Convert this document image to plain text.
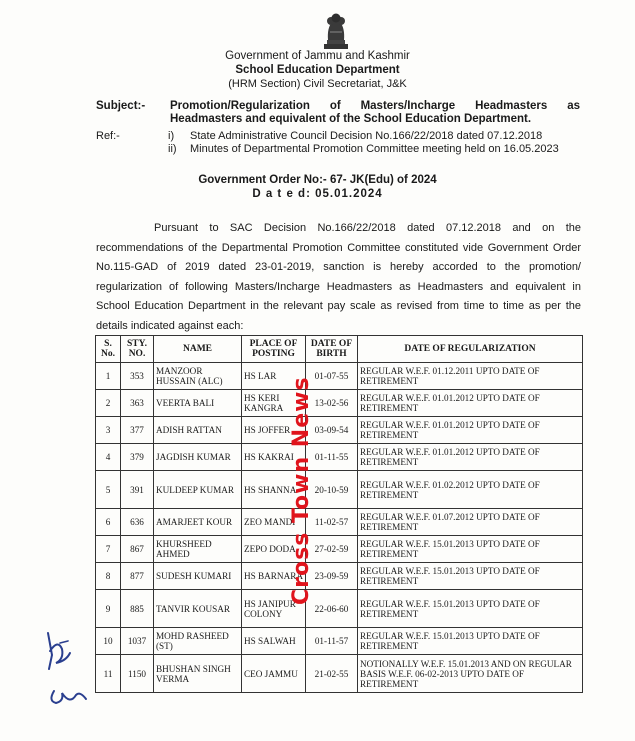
Government of Jammu and Kashmir
School Education Department
(HRM Section) Civil Secretariat, J&K
Subject:- Promotion/Regularization of Masters/Incharge Headmasters as Headmasters and equivalent of the School Education Department.
Ref:-	i) State Administrative Council Decision No.166/22/2018 dated 07.12.2018
ii) Minutes of Departmental Promotion Committee meeting held on 16.05.2023
Government Order No:- 67- JK(Edu) of 2024
D a t e d: 05.01.2024
Pursuant to SAC Decision No.166/22/2018 dated 07.12.2018 and on the recommendations of the Departmental Promotion Committee constituted vide Government Order No.115-GAD of 2019 dated 23-01-2019, sanction is hereby accorded to the promotion/ regularization of following Masters/Incharge Headmasters as Headmasters and equivalent in School Education Department in the relevant pay scale as revised from time to time as per the details indicated against each:
S. No.	STY. NO.	NAME	PLACE OF POSTING	DATE OF BIRTH	DATE OF REGULARIZATION
1	353	MANZOOR HUSSAIN (ALC)	HS LAR	01-07-55	REGULAR W.E.F. 01.12.2011 UPTO DATE OF RETIREMENT
2	363	VEERTA BALI	HS KERI KANGRA	13-02-56	REGULAR W.E.F. 01.01.2012 UPTO DATE OF RETIREMENT
3	377	ADISH RATTAN	HS JOFFER	03-09-54	REGULAR W.E.F. 01.01.2012 UPTO DATE OF RETIREMENT
4	379	JAGDISH KUMAR	HS KAKRAI	01-11-55	REGULAR W.E.F. 01.01.2012 UPTO DATE OF RETIREMENT
5	391	KULDEEP KUMAR	HS SHANNA	20-10-59	REGULAR W.E.F. 01.02.2012 UPTO DATE OF RETIREMENT
6	636	AMARJEET KOUR	ZEO MANDI	11-02-57	REGULAR W.E.F. 01.07.2012 UPTO DATE OF RETIREMENT
7	867	KHURSHEED AHMED	ZEPO DODA	27-02-59	REGULAR W.E.F. 15.01.2013 UPTO DATE OF RETIREMENT
8	877	SUDESH KUMARI	HS BARNARA	23-09-59	REGULAR W.E.F. 15.01.2013 UPTO DATE OF RETIREMENT
9	885	TANVIR KOUSAR	HS JANIPUR COLONY	22-06-60	REGULAR W.E.F. 15.01.2013 UPTO DATE OF RETIREMENT
10	1037	MOHD RASHEED (ST)	HS SALWAH	01-11-57	REGULAR W.E.F. 15.01.2013 UPTO DATE OF RETIREMENT
11	1150	BHUSHAN SINGH VERMA	CEO JAMMU	21-02-55	NOTIONALLY W.E.F. 15.01.2013 AND ON REGULAR BASIS W.E.F. 06-02-2013 UPTO DATE OF RETIREMENT
Cross Town News
